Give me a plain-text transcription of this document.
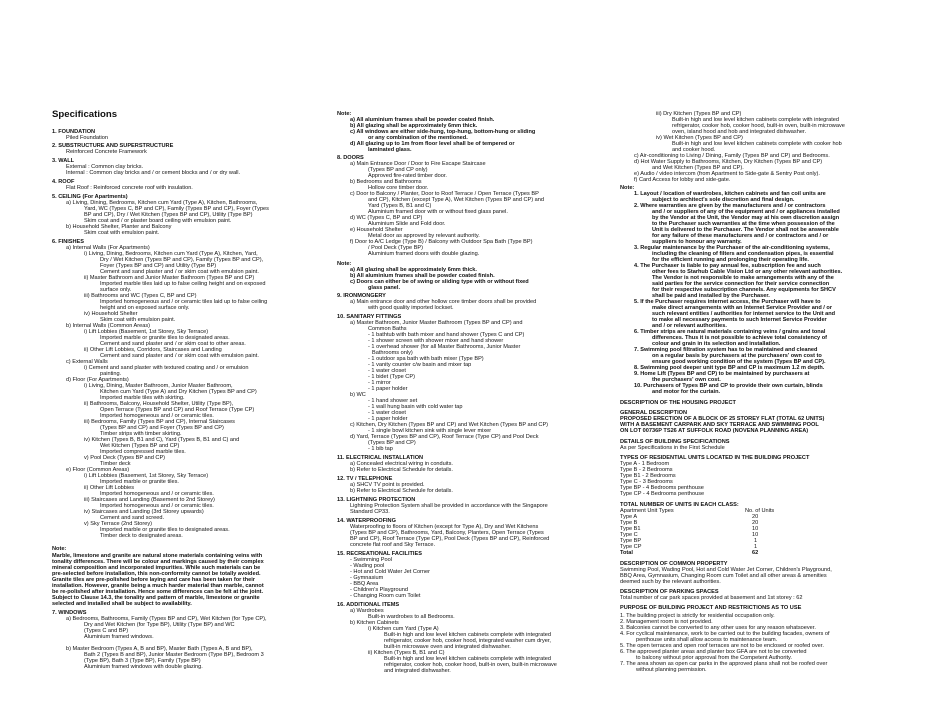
Specifications
1. FOUNDATION
Piled Foundation
2. SUBSTRUCTURE AND SUPERSTRUCTURE
Reinforced Concrete Framework
3. WALL
External : Common clay bricks.
Internal : Common clay bricks and / or cement blocks and / or dry wall.
4. ROOF
Flat Roof : Reinforced concrete roof with insulation.
5. CEILING (For Apartments)
a) Living, Dining, Bedrooms, Kitchen cum Yard (Type A), Kitchen, Bathrooms,
Yard, WC (Types C, BP and CP), Family (Types BP and CP), Foyer (Types
BP and CP), Dry / Wet Kitchen (Types BP and CP), Utility (Type BP)
Skim coat and / or plaster board ceiling with emulsion paint.
b) Household Shelter, Planter and Balcony
Skim coat with emulsion paint.
6. FINISHES
a) Internal Walls (For Apartments)
i) Living, Dining, Bedrooms, Kitchen cum Yard (Type A), Kitchen, Yard,
Dry / Wet Kitchen (Types BP and CP), Family (Types BP and CP),
Foyer (Types BP and CP) and Utility (Type BP)
Cement and sand plaster and / or skim coat with emulsion paint.
ii) Master Bathroom and Junior Master Bathroom (Types BP and CP)
Imported marble tiles laid up to false ceiling height and on exposed
surface only.
iii) Bathrooms and WC (Types C, BP and CP)
Imported homogeneous and / or ceramic tiles laid up to false ceiling
height and on exposed surface only.
iv) Household Shelter
Skim coat with emulsion paint.
b) Internal Walls (Common Areas)
i) Lift Lobbies (Basement, 1st Storey, Sky Terrace)
Imported marble or granite tiles to designated areas.
Cement and sand plaster and / or skim coat to other areas.
ii) Other Lift Lobbies, Corridors, Staircases and Landing
Cement and sand plaster and / or skim coat with emulsion paint.
c) External Walls
i) Cement and sand plaster with textured coating and / or emulsion
painting.
d) Floor (For Apartments)
i) Living, Dining, Master Bathroom, Junior Master Bathroom,
Kitchen cum Yard (Type A) and Dry Kitchen (Types BP and CP)
Imported marble tiles with skirting.
ii) Bathrooms, Balcony, Household Shelter, Utility (Type BP),
Open Terrace (Types BP and CP) and Roof Terrace (Type CP)
Imported homogeneous and / or ceramic tiles.
iii) Bedrooms, Family (Types BP and CP), Internal Staircases
(Types BP and CP) and Foyer (Types BP and CP)
Timber strips with timber skirting.
iv) Kitchen (Types B, B1 and C), Yard (Types B, B1 and C) and
Wet Kitchen (Types BP and CP)
Imported compressed marble tiles.
v) Pool Deck (Types BP and CP)
Timber deck
e) Floor (Common Areas)
i) Lift Lobbies (Basement, 1st Storey, Sky Terrace)
Imported marble or granite tiles.
ii) Other Lift Lobbies
Imported homogeneous and / or ceramic tiles.
iii) Staircases and Landing (Basement to 2nd Storey)
Imported homogeneous and / or ceramic tiles.
iv) Staircases and Landing (3rd Storey upwards)
Cement and sand screed.
v) Sky Terrace (2nd Storey)
Imported marble or granite tiles to designated areas.
Timber deck to designated areas.
Note:
Marble, limestone and granite are natural stone materials containing veins with
tonality differences. There will be colour and markings caused by their complex
mineral composition and incorporated impurities. While such materials can be
pre-selected before installation, this non-conformity cannot be totally avoided.
Granite tiles are pre-polished before laying and care has been taken for their
installation. However, granite being a much harder material than marble, cannot
be re-polished after installation. Hence some differences can be felt at the joint.
Subject to Clause 14.3, the tonality and pattern of marble, limestone or granite
selected and installed shall be subject to availability.
7. WINDOWS
a) Bedrooms, Bathrooms, Family (Types BP and CP), Wet Kitchen (for Type CP),
Dry and Wet Kitchen (for Type BP), Utility (Type BP) and WC
(Types C and BP)
Aluminium framed windows.
b) Master Bedroom (Types A, B and BP), Master Bath (Types A, B and BP),
Bath 2 (Types B and BP), Junior Master Bedroom (Type BP), Bedroom 3
(Type BP), Bath 3 (Type BP), Family (Type BP)
Aluminium framed windows with double glazing.
Note:
a) All aluminium frames shall be powder coated finish.
b) All glazing shall be approximately 6mm thick.
c) All windows are either side-hung, top-hung, bottom-hung or sliding
or any combination of the mentioned.
d) All glazing up to 1m from floor level shall be of tempered or
laminated glass.
8. DOORS
a) Main Entrance Door / Door to Fire Escape Staircase
(Types BP and CP only)
Approved fire-rated timber door.
b) Bedrooms and Bathrooms
Hollow core timber door.
c) Door to Balcony / Planter, Door to Roof Terrace / Open Terrace (Types BP
and CP), Kitchen (except Type A), Wet Kitchen (Types BP and CP) and
Yard (Types B, B1 and C)
Aluminium framed door with or without fixed glass panel.
d) WC (Types C, BP and CP)
Aluminium Slide and Fold door.
e) Household Shelter
Metal door as approved by relevant authority.
f) Door to A/C Ledge (Type B) / Balcony with Outdoor Spa Bath (Type BP)
/ Pool Deck (Type BP)
Aluminium framed doors with double glazing.
Note:
a) All glazing shall be approximately 6mm thick.
b) All aluminium frames shall be powder coated finish.
c) Doors can either be of swing or sliding type with or without fixed
glass panel.
9. IRONMONGERY
a) Main entrance door and other hollow core timber doors shall be provided
with good quality imported lockset.
10. SANITARY FITTINGS
a) Master Bathroom, Junior Master Bathroom (Types BP and CP) and
Common Baths
- 1 bathtub with bath mixer and hand shower (Types C and CP)
- 1 shower screen with shower mixer and hand shower
- 1 overhead shower (for all Master Bathrooms, Junior Master
Bathrooms only)
- 1 outdoor spa bath with bath mixer (Type BP)
- 1 vanity counter c/w basin and mixer tap
- 1 water closet
- 1 bidet (Type CP)
- 1 mirror
- 1 paper holder
b) WC
- 1 hand shower set
- 1 wall hung basin with cold water tap
- 1 water closet
- 1 paper holder
c) Kitchen, Dry Kitchen (Types BP and CP) and Wet Kitchen (Types BP and CP)
- 1 single bowl kitchen sink with single lever mixer
d) Yard, Terrace (Types BP and CP), Roof Terrace (Type CP) and Pool Deck
(Types BP and CP)
- 1 bib tap
11. ELECTRICAL INSTALLATION
a) Concealed electrical wiring in conduits.
b) Refer to Electrical Schedule for details.
12. TV / TELEPHONE
a) SHCV TV point is provided.
b) Refer to Electrical Schedule for details.
13. LIGHTNING PROTECTION
Lightning Protection System shall be provided in accordance with the Singapore
Standard CP33.
14. WATERPROOFING
Waterproofing to floors of Kitchen (except for Type A), Dry and Wet Kitchens
(Types BP and CP), Bathrooms, Yard, Balcony, Planters, Open Terrace (Types
BP and CP), Roof Terrace (Type CP), Pool Deck (Types BP and CP), Reinforced
concrete flat roof and Sky Terrace.
15. RECREATIONAL FACILITIES
- Swimming Pool
- Wading pool
- Hot and Cold Water Jet Corner
- Gymnasium
- BBQ Area
- Children's Playground
- Changing Room cum Toilet
16. ADDITIONAL ITEMS
a) Wardrobes
Built-in wardrobes to all Bedrooms.
b) Kitchen Cabinets
i) Kitchen cum Yard (Type A)
Built-in high and low level kitchen cabinets complete with integrated
refrigerator, cooker hob, cooker hood, integrated washer cum dryer,
built-in microwave oven and integrated dishwasher.
ii) Kitchen (Types B, B1 and C)
Built-in high and low level kitchen cabinets complete with integrated
refrigerator, cooker hob, cooker hood, built-in oven, built-in microwave
and integrated dishwasher.
iii) Dry Kitchen (Types BP and CP)
Built-in high and low level kitchen cabinets complete with integrated
refrigerator, cooker hob, cooker hood, built-in oven, built-in microwave
oven, island hood and hob and integrated dishwasher.
iv) Wet Kitchen (Types BP and CP)
Built-in high and low level kitchen cabinets complete with cooker hob
and cooker hood.
c) Air-conditioning to Living / Dining, Family (Types BP and CP) and Bedrooms.
d) Hot Water Supply to Bathrooms, Kitchen, Dry Kitchen (Types BP and CP)
and Wet Kitchen (Types BP and CP).
e) Audio / video intercom (from Apartment to Side-gate & Sentry Post only).
f) Card Access for lobby and side-gate.
Note:
1. Layout / location of wardrobes, kitchen cabinets and fan coil units are
subject to architect's sole discretion and final design.
2. Where warranties are given by the manufacturers and / or contractors
and / or suppliers of any of the equipment and / or appliances installed
by the Vendor at the Unit, the Vendor may at his own discretion assign
to the Purchaser such warranties at the time when possession of the
Unit is delivered to the Purchaser. The Vendor shall not be answerable
for any failure of these manufacturers and / or contractors and / or
suppliers to honour any warranty.
3. Regular maintenance by the Purchaser of the air-conditioning systems,
including the cleaning of filters and condensation pipes, is essential
for the efficient running and prolonging their operating life.
4. The Purchaser is liable to pay annual fee, subscription fee and such
other fees to Starhub Cable Vision Ltd or any other relevant authorities.
The Vendor is not responsible to make arrangements with any of the
said parties for the service connection for their service connection
for their respective subscription channels. Any equipments for SHCV
shall be paid and installed by the Purchaser.
5. If the Purchaser requires internet access, the Purchaser will have to
make direct arrangements with an Internet Service Provider and / or
such relevant entities / authorities for internet service to the Unit and
to make all necessary payments to such Internet Service Provider
and / or relevant authorities.
6. Timber strips are natural materials containing veins / grains and tonal
differences. Thus it is not possible to achieve total consistency of
colour and grain in its selection and installation.
7. Swimming pool filtration system has to be maintained and cleaned
on a regular basis by purchasers at the purchasers' own cost to
ensure good working condition of the system (Types BP and CP).
8. Swimming pool deeper unit type BP and CP is maximum 1.2 m depth.
9. Home Lift (Types BP and CP) to be maintained by purchasers at
the purchasers' own cost.
10. Purchasers of Types BP and CP to provide their own curtain, blinds
and motor for the curtain.
DESCRIPTION OF THE HOUSING PROJECT
GENERAL DESCRIPTION
PROPOSED ERECTION OF A BLOCK OF 25 STOREY FLAT (TOTAL 62 UNITS)
WITH A BASEMENT CARPARK AND SKY TERRACE AND SWIMMING POOL
ON LOT 00736P TS26 AT SUFFOLK ROAD (NOVENA PLANNING AREA)
DETAILS OF BUILDING SPECIFICATIONS
As per Specifications in the First Schedule
TYPES OF RESIDENTIAL UNITS LOCATED IN THE BUILDING PROJECT
Type A - 1 Bedroom
Type B - 2 Bedrooms
Type B1 - 2 Bedrooms
Type C - 3 Bedrooms
Type BP - 4 Bedrooms penthouse
Type CP - 4 Bedrooms penthouse
TOTAL NUMBER OF UNITS IN EACH CLASS:
Apartment Unit Types	No. of Units
Type A	20
Type B	20
Type B1	10
Type C	10
Type BP	1
Type CP	1
Total	62
DESCRIPTION OF COMMON PROPERTY
Swimming Pool, Wading Pool, Hot and Cold Water Jet Corner, Children's Playground,
BBQ Area, Gymnasium, Changing Room cum Toilet and all other areas & amenities
deemed such by the relevant authorities.
DESCRIPTION OF PARKING SPACES
Total number of car park spaces provided at basement and 1st storey : 62
PURPOSE OF BUILDING PROJECT AND RESTRICTIONS AS TO USE
1. The building project is strictly for residential occupation only.
2. Management room is not provided.
3. Balconies cannot be converted to any other uses for any reason whatsoever.
4. For cyclical maintenance, work to be carried out to the building facades, owners of
penthouse units shall allow access to maintenance team.
5. The open terraces and open roof terraces are not to be enclosed or roofed over.
6. The approved planter areas and planter box GFA are not to be converted
to balcony without prior approval from the Competent Authority.
7. The area shown as open car parks in the approved plans shall not be roofed over
without planning permission.
